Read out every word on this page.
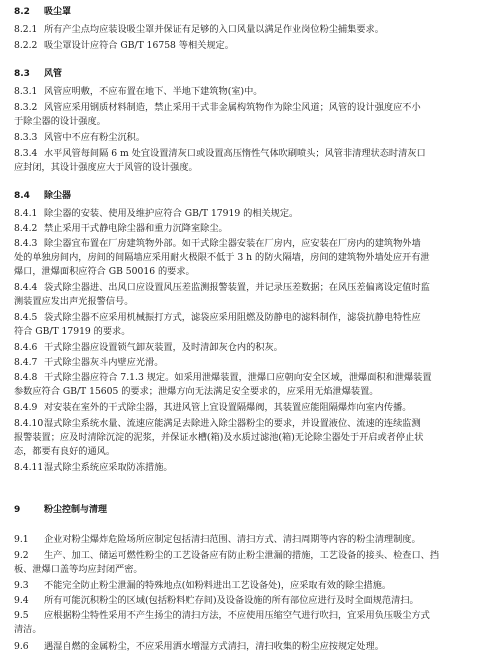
8.2 吸尘罩
8.2.1 所有产尘点均应装设吸尘罩并保证有足够的入口风量以满足作业岗位粉尘捕集要求。
8.2.2 吸尘罩设计应符合 GB/T 16758 等相关规定。
8.3 风管
8.3.1 风管应明敷，不应布置在地下、半地下建筑物(室)中。
8.3.2 风管应采用钢质材料制造，禁止采用干式非金属构筑物作为除尘风道；风管的设计强度应不小
于除尘器的设计强度。
8.3.3 风管中不应有粉尘沉积。
8.3.4 水平风管每间隔 6 m 处宜设置清灰口或设置高压惰性气体吹刷喷头；风管非清理状态时清灰口
应封闭，其设计强度应大于风管的设计强度。
8.4 除尘器
8.4.1 除尘器的安装、使用及维护应符合 GB/T 17919 的相关规定。
8.4.2 禁止采用干式静电除尘器和重力沉降室除尘。
8.4.3 除尘器宜布置在厂房建筑物外部。如干式除尘器安装在厂房内，应安装在厂房内的建筑物外墙
处的单独房间内，房间的间隔墙应采用耐火极限不低于 3 h 的防火隔墙，房间的建筑物外墙处应开有泄
爆口，泄爆面积应符合 GB 50016 的要求。
8.4.4 袋式除尘器进、出风口应设置风压差监测报警装置，并记录压差数据；在风压差偏离设定值时监
测装置应发出声光报警信号。
8.4.5 袋式除尘器不应采用机械振打方式，滤袋应采用阻燃及防静电的滤料制作，滤袋抗静电特性应
符合 GB/T 17919 的要求。
8.4.6 干式除尘器应设置锁气卸灰装置，及时清卸灰仓内的积灰。
8.4.7 干式除尘器灰斗内壁应光滑。
8.4.8 干式除尘器应符合 7.1.3 规定。如采用泄爆装置，泄爆口应朝向安全区域，泄爆面积和泄爆装置
参数应符合 GB/T 15605 的要求；泄爆方向无法满足安全要求的，应采用无焰泄爆装置。
8.4.9 对安装在室外的干式除尘器，其进风管上宜设置隔爆阀，其装置应能阻隔爆炸向室内传播。
8.4.10湿式除尘系统水量、流速应能满足去除进入除尘器粉尘的要求，并设置液位、流速的连续监测
报警装置；应及时清除沉淀的泥浆，并保证水槽(箱)及水质过滤池(箱)无论除尘器处于开启或者停止状
态，都要有良好的通风。
8.4.11湿式除尘系统应采取防冻措施。
9	粉尘控制与清理
9.1 企业对粉尘爆炸危险场所应制定包括清扫范围、清扫方式、清扫周期等内容的粉尘清理制度。
9.2 生产、加工、储运可燃性粉尘的工艺设备应有防止粉尘泄漏的措施，工艺设备的接头、检查口、挡
板、泄爆口盖等均应封闭严密。
9.3 不能完全防止粉尘泄漏的特殊地点(如粉料进出工艺设备处)，应采取有效的除尘措施。
9.4 所有可能沉积粉尘的区域(包括粉料贮存间)及设备设施的所有部位应进行及时全面规范清扫。
9.5 应根据粉尘特性采用不产生扬尘的清扫方法，不应使用压缩空气进行吹扫，宜采用负压吸尘方式
清洁。
9.6 遇湿自燃的金属粉尘，不应采用洒水增湿方式清扫，清扫收集的粉尘应按规定处理。
